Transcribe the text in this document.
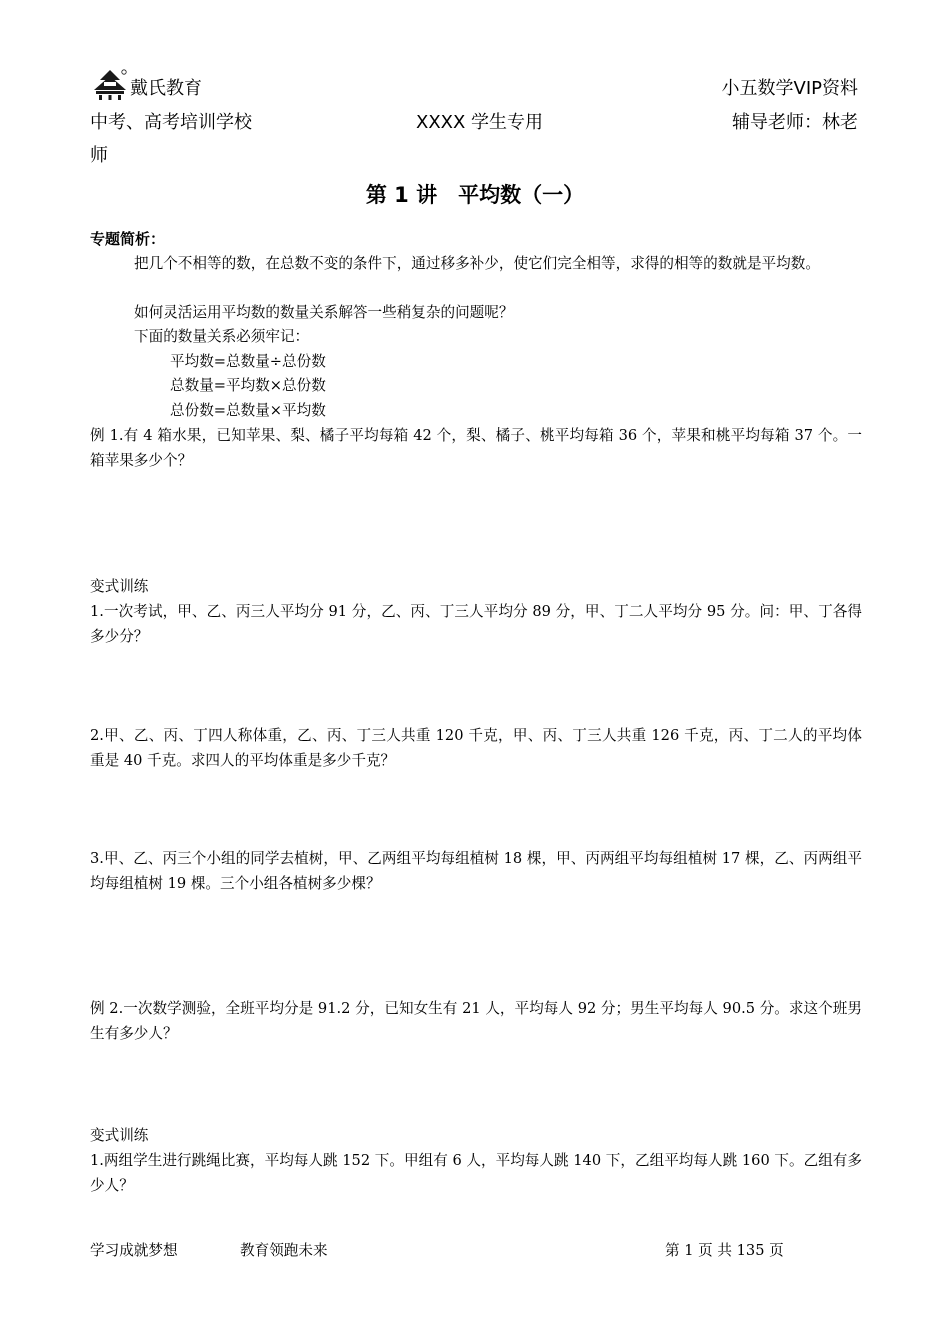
戴氏教育	小五数学VIP资料
中考、高考培训学校	XXXX 学生专用	辅导老师：林老
师
第 1 讲　平均数（一）
专题简析：
把几个不相等的数，在总数不变的条件下，通过移多补少，使它们完全相等，求得的相等的数就是平均数。
如何灵活运用平均数的数量关系解答一些稍复杂的问题呢？
下面的数量关系必须牢记：
平均数=总数量÷总份数
总数量=平均数×总份数
总份数=总数量×平均数
例 1.有 4 箱水果，已知苹果、梨、橘子平均每箱 42 个，梨、橘子、桃平均每箱 36 个，苹果和桃平均每箱 37 个。一箱苹果多少个？
变式训练
1.一次考试，甲、乙、丙三人平均分 91 分，乙、丙、丁三人平均分 89 分，甲、丁二人平均分 95 分。问：甲、丁各得多少分？
2.甲、乙、丙、丁四人称体重，乙、丙、丁三人共重 120 千克，甲、丙、丁三人共重 126 千克，丙、丁二人的平均体重是 40 千克。求四人的平均体重是多少千克？
3.甲、乙、丙三个小组的同学去植树，甲、乙两组平均每组植树 18 棵，甲、丙两组平均每组植树 17 棵，乙、丙两组平均每组植树 19 棵。三个小组各植树多少棵？
例 2.一次数学测验，全班平均分是 91.2 分，已知女生有 21 人，平均每人 92 分；男生平均每人 90.5 分。求这个班男生有多少人？
变式训练
1.两组学生进行跳绳比赛，平均每人跳 152 下。甲组有 6 人，平均每人跳 140 下，乙组平均每人跳 160 下。乙组有多少人？
学习成就梦想	教育领跑未来	第 1 页 共 135 页
